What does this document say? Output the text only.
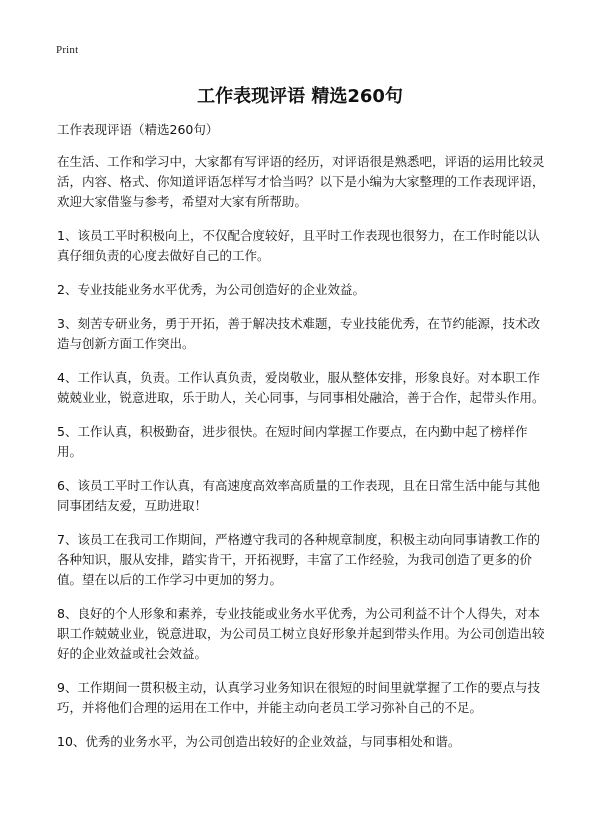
Print
工作表现评语 精选260句

工作表现评语（精选260句）

在生活、工作和学习中，大家都有写评语的经历，对评语很是熟悉吧，评语的运用比较灵活，内容、格式、你知道评语怎样写才恰当吗？以下是小编为大家整理的工作表现评语，欢迎大家借鉴与参考，希望对大家有所帮助。

1、该员工平时积极向上，不仅配合度较好，且平时工作表现也很努力，在工作时能以认真仔细负责的心度去做好自己的工作。

2、专业技能业务水平优秀，为公司创造好的企业效益。

3、刻苦专研业务，勇于开拓，善于解决技术难题，专业技能优秀，在节约能源，技术改造与创新方面工作突出。

4、工作认真，负责。工作认真负责，爱岗敬业，服从整体安排，形象良好。对本职工作兢兢业业，锐意进取，乐于助人，关心同事，与同事相处融洽，善于合作，起带头作用。

5、工作认真，积极勤奋，进步很快。在短时间内掌握工作要点，在内勤中起了榜样作用。

6、该员工平时工作认真，有高速度高效率高质量的工作表现，且在日常生活中能与其他同事团结友爱，互助进取！

7、该员工在我司工作期间，严格遵守我司的各种规章制度，积极主动向同事请教工作的各种知识，服从安排，踏实肯干，开拓视野，丰富了工作经验，为我司创造了更多的价值。望在以后的工作学习中更加的努力。

8、良好的个人形象和素养，专业技能或业务水平优秀，为公司利益不计个人得失，对本职工作兢兢业业，锐意进取，为公司员工树立良好形象并起到带头作用。为公司创造出较好的企业效益或社会效益。

9、工作期间一贯积极主动，认真学习业务知识在很短的时间里就掌握了工作的要点与技巧，并将他们合理的运用在工作中，并能主动向老员工学习弥补自己的不足。

10、优秀的业务水平，为公司创造出较好的企业效益，与同事相处和谐。
